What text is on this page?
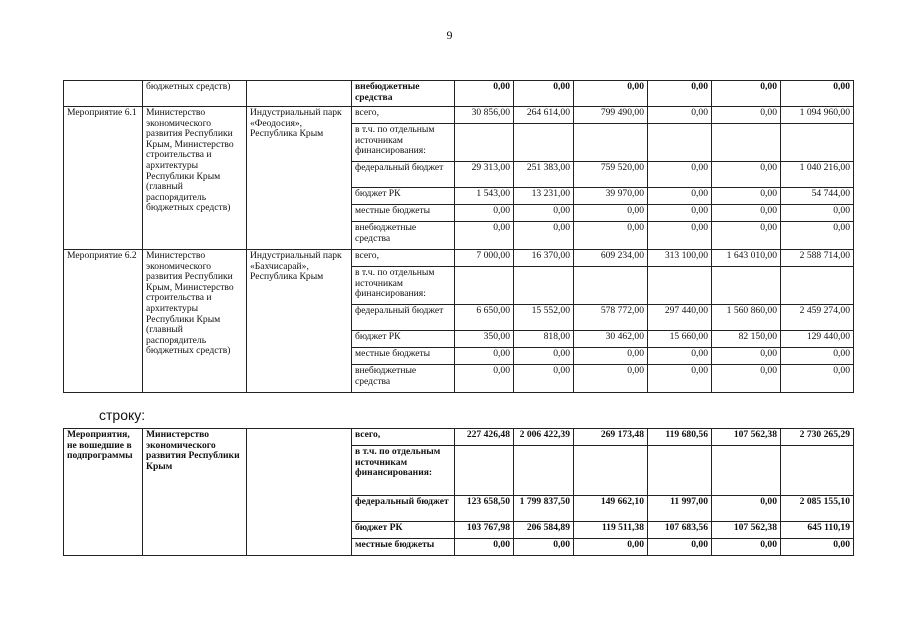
9
	бюджетных средств)		внебюджетные средства	0,00	0,00	0,00	0,00	0,00	0,00
Мероприятие 6.1	Министерство экономического развития Республики Крым, Министерство строительства и архитектуры Республики Крым (главный распорядитель бюджетных средств)	Индустриальный парк «Феодосия», Республика Крым	всего,	30 856,00	264 614,00	799 490,00	0,00	0,00	1 094 960,00
			в т.ч. по отдельным источникам финансирования:						
			федеральный бюджет	29 313,00	251 383,00	759 520,00	0,00	0,00	1 040 216,00
			бюджет РК	1 543,00	13 231,00	39 970,00	0,00	0,00	54 744,00
			местные бюджеты	0,00	0,00	0,00	0,00	0,00	0,00
			внебюджетные средства	0,00	0,00	0,00	0,00	0,00	0,00
Мероприятие 6.2	Министерство экономического развития Республики Крым, Министерство строительства и архитектуры Республики Крым (главный распорядитель бюджетных средств)	Индустриальный парк «Бахчисарай», Республика Крым	всего,	7 000,00	16 370,00	609 234,00	313 100,00	1 643 010,00	2 588 714,00
			в т.ч. по отдельным источникам финансирования:						
			федеральный бюджет	6 650,00	15 552,00	578 772,00	297 440,00	1 560 860,00	2 459 274,00
			бюджет РК	350,00	818,00	30 462,00	15 660,00	82 150,00	129 440,00
			местные бюджеты	0,00	0,00	0,00	0,00	0,00	0,00
			внебюджетные средства	0,00	0,00	0,00	0,00	0,00	0,00
строку:
Мероприятия, не вошедшие в подпрограммы	Министерство экономического развития Республики Крым		всего,	227 426,48	2 006 422,39	269 173,48	119 680,56	107 562,38	2 730 265,29
			в т.ч. по отдельным источникам финансирования:						
			федеральный бюджет	123 658,50	1 799 837,50	149 662,10	11 997,00	0,00	2 085 155,10
			бюджет РК	103 767,98	206 584,89	119 511,38	107 683,56	107 562,38	645 110,19
			местные бюджеты	0,00	0,00	0,00	0,00	0,00	0,00
